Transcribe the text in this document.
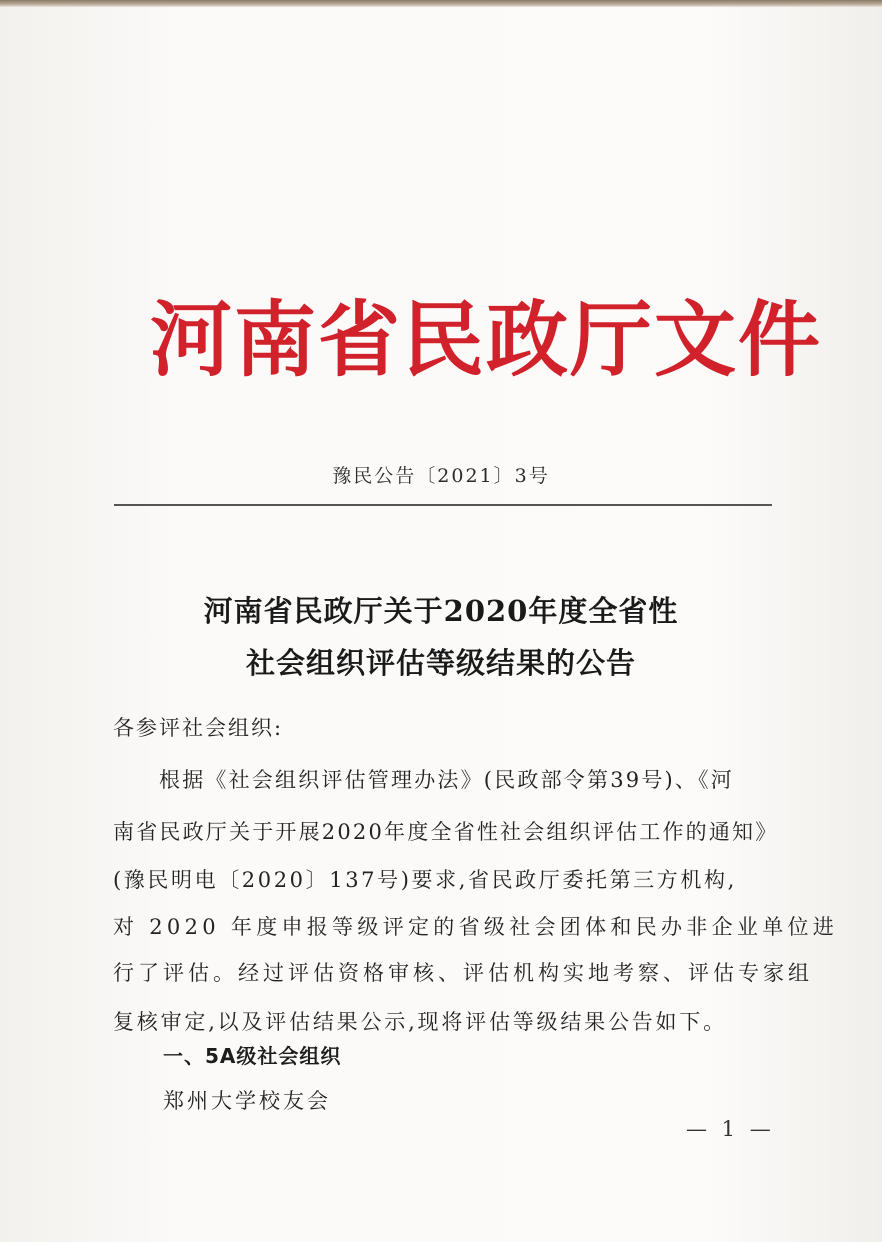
河南省民政厅文件
豫民公告〔2021〕3号
河南省民政厅关于2020年度全省性
社会组织评估等级结果的公告
各参评社会组织:
根据《社会组织评估管理办法》(民政部令第39号)、《河
南省民政厅关于开展2020年度全省性社会组织评估工作的通知》
(豫民明电〔2020〕137号)要求,省民政厅委托第三方机构,
对 2020 年度申报等级评定的省级社会团体和民办非企业单位进
行了评估。经过评估资格审核、评估机构实地考察、评估专家组
复核审定,以及评估结果公示,现将评估等级结果公告如下。
一、5A级社会组织
郑州大学校友会
— 1 —
